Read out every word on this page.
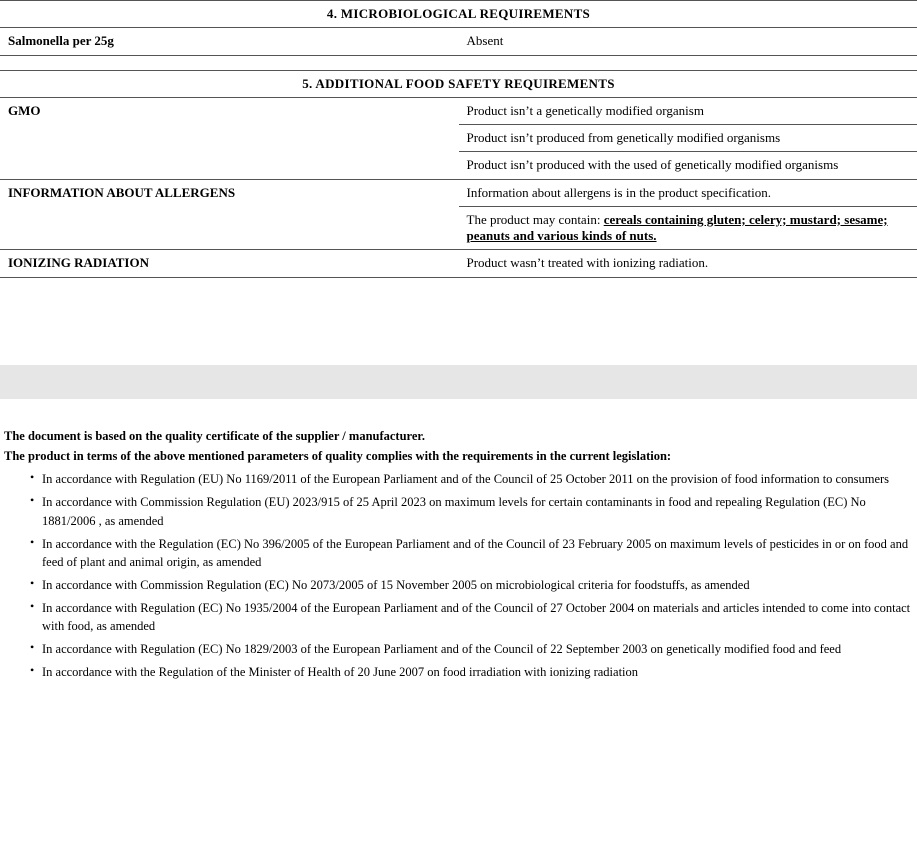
4. MICROBIOLOGICAL REQUIREMENTS
Salmonella per 25g	Absent
5. ADDITIONAL FOOD SAFETY REQUIREMENTS	
GMO	Product isn’t a genetically modified organism
	Product isn’t produced from genetically modified organisms
	Product isn’t produced with the used of genetically modified organisms
INFORMATION ABOUT ALLERGENS	Information about allergens is in the product specification.
	The product may contain: cereals containing gluten; celery; mustard; sesame; peanuts and various kinds of nuts.
IONIZING RADIATION	Product wasn’t treated with ionizing radiation.

The document is based on the quality certificate of the supplier / manufacturer.

The product in terms of the above mentioned parameters of quality complies with the requirements in the current legislation:

• In accordance with Regulation (EU) No 1169/2011 of the European Parliament and of the Council of 25 October 2011 on the provision of food information to consumers
• In accordance with Commission Regulation (EU) 2023/915 of 25 April 2023 on maximum levels for certain contaminants in food and repealing Regulation (EC) No 1881/2006 , as amended
• In accordance with the Regulation (EC) No 396/2005 of the European Parliament and of the Council of 23 February 2005 on maximum levels of pesticides in or on food and feed of plant and animal origin, as amended
• In accordance with Commission Regulation (EC) No 2073/2005 of 15 November 2005 on microbiological criteria for foodstuffs, as amended
• In accordance with Regulation (EC) No 1935/2004 of the European Parliament and of the Council of 27 October 2004 on materials and articles intended to come into contact with food, as amended
• In accordance with Regulation (EC) No 1829/2003 of the European Parliament and of the Council of 22 September 2003 on genetically modified food and feed
• In accordance with the Regulation of the Minister of Health of 20 June 2007 on food irradiation with ionizing radiation
